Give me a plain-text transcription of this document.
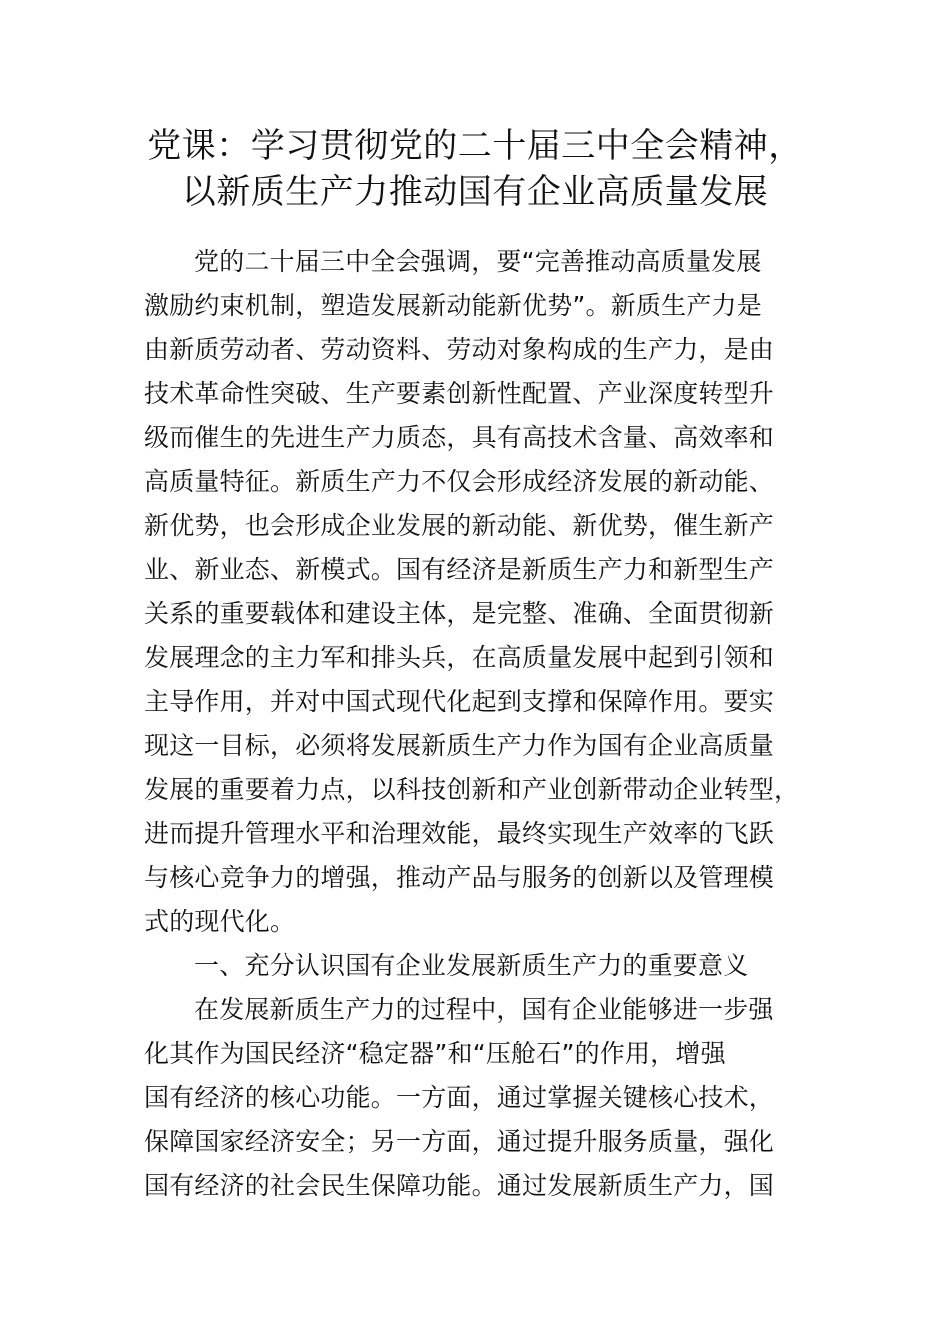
党课：学习贯彻党的二十届三中全会精神，
以新质生产力推动国有企业高质量发展
党的二十届三中全会强调，要“完善推动高质量发展
激励约束机制，塑造发展新动能新优势”。新质生产力是
由新质劳动者、劳动资料、劳动对象构成的生产力，是由
技术革命性突破、生产要素创新性配置、产业深度转型升
级而催生的先进生产力质态，具有高技术含量、高效率和
高质量特征。新质生产力不仅会形成经济发展的新动能、
新优势，也会形成企业发展的新动能、新优势，催生新产
业、新业态、新模式。国有经济是新质生产力和新型生产
关系的重要载体和建设主体，是完整、准确、全面贯彻新
发展理念的主力军和排头兵，在高质量发展中起到引领和
主导作用，并对中国式现代化起到支撑和保障作用。要实
现这一目标，必须将发展新质生产力作为国有企业高质量
发展的重要着力点，以科技创新和产业创新带动企业转型，
进而提升管理水平和治理效能，最终实现生产效率的飞跃
与核心竞争力的增强，推动产品与服务的创新以及管理模
式的现代化。
一、充分认识国有企业发展新质生产力的重要意义
在发展新质生产力的过程中，国有企业能够进一步强
化其作为国民经济“稳定器”和“压舱石”的作用，增强
国有经济的核心功能。一方面，通过掌握关键核心技术，
保障国家经济安全；另一方面，通过提升服务质量，强化
国有经济的社会民生保障功能。通过发展新质生产力，国
